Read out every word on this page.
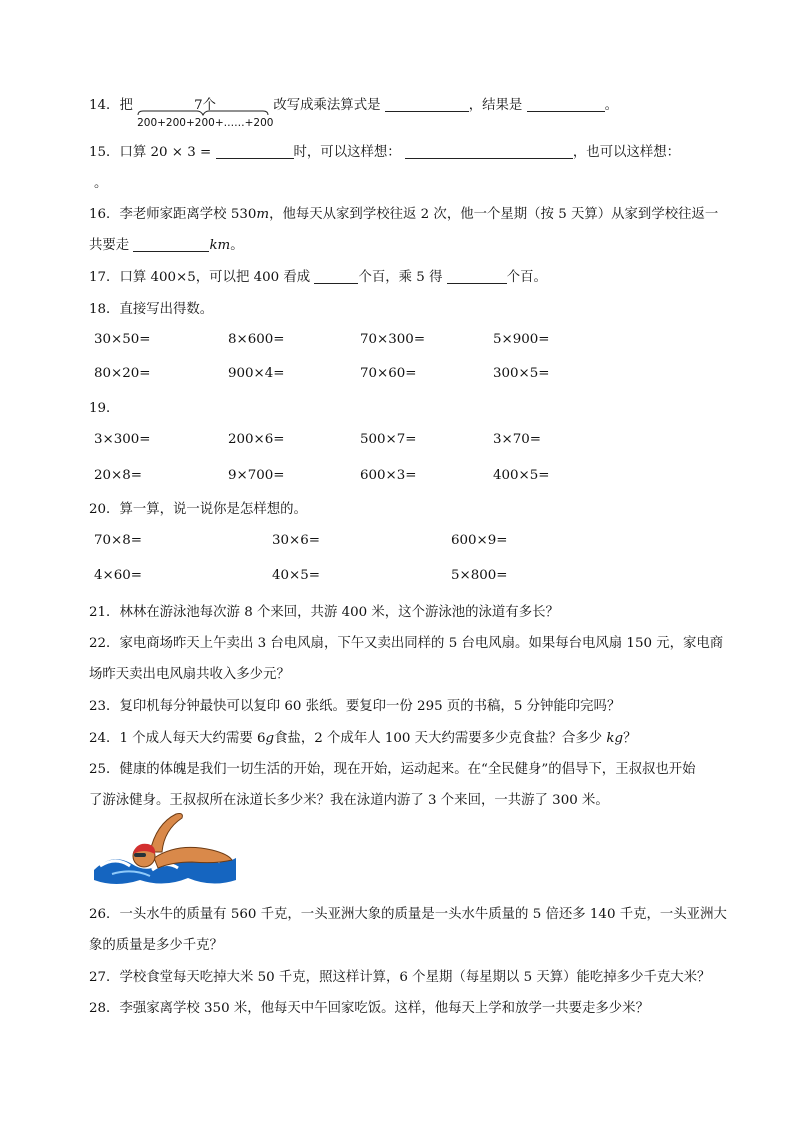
14．把	7个
200+200+200+……+200
改写成乘法算式是	，结果是	。
15．口算 20 × 3 =	时，可以这样想：	，也可以这样想：
。
16．李老师家距离学校 530m，他每天从家到学校往返 2 次，他一个星期（按 5 天算）从家到学校往返一
共要走	km。
17．口算 400×5，可以把 400 看成	个百，乘 5 得	个百。
18．直接写出得数。
30×50=	8×600=	70×300=	5×900=
80×20=	900×4=	70×60=	300×5=
19．
3×300=	200×6=	500×7=	3×70=
20×8=	9×700=	600×3=	400×5=
20．算一算，说一说你是怎样想的。
70×8=	30×6=	600×9=
4×60=	40×5=	5×800=
21．林林在游泳池每次游 8 个来回，共游 400 米，这个游泳池的泳道有多长？
22．家电商场昨天上午卖出 3 台电风扇，下午又卖出同样的 5 台电风扇。如果每台电风扇 150 元，家电商
场昨天卖出电风扇共收入多少元？
23．复印机每分钟最快可以复印 60 张纸。要复印一份 295 页的书稿，5 分钟能印完吗？
24．1 个成人每天大约需要 6g食盐，2 个成年人 100 天大约需要多少克食盐？合多少 kg？
25．健康的体魄是我们一切生活的开始，现在开始，运动起来。在“全民健身”的倡导下，王叔叔也开始
了游泳健身。王叔叔所在泳道长多少米？我在泳道内游了 3 个来回，一共游了 300 米。
26．一头水牛的质量有 560 千克，一头亚洲大象的质量是一头水牛质量的 5 倍还多 140 千克，一头亚洲大
象的质量是多少千克？
27．学校食堂每天吃掉大米 50 千克，照这样计算，6 个星期（每星期以 5 天算）能吃掉多少千克大米？
28．李强家离学校 350 米，他每天中午回家吃饭。这样，他每天上学和放学一共要走多少米？
